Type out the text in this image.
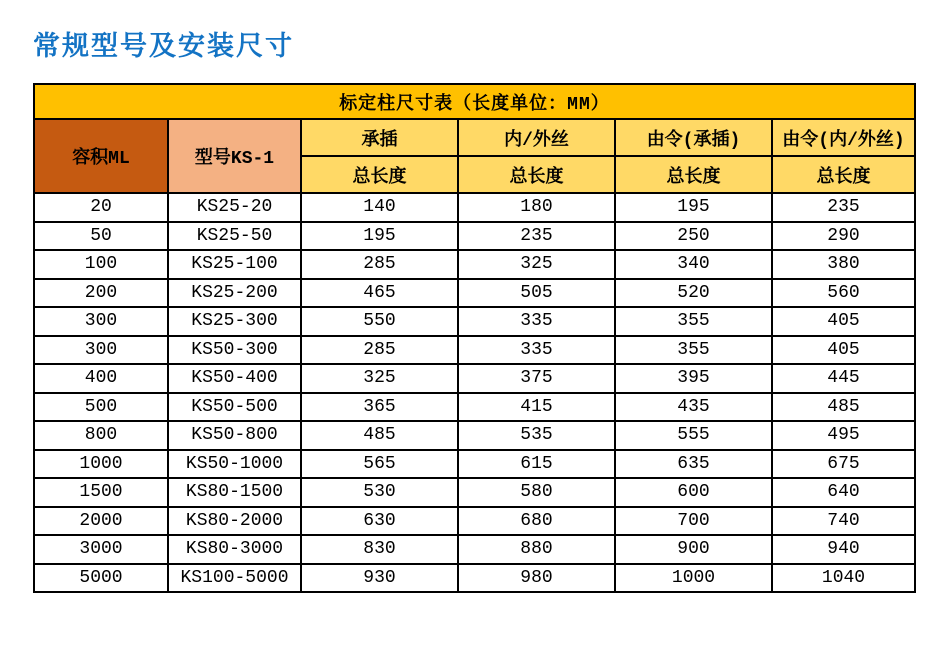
常规型号及安装尺寸
标定柱尺寸表（长度单位：MM）					
容积ML	型号KS-1	承插	内/外丝	由令(承插)	由令(内/外丝)
		总长度	总长度	总长度	总长度
20	KS25-20	140	180	195	235
50	KS25-50	195	235	250	290
100	KS25-100	285	325	340	380
200	KS25-200	465	505	520	560
300	KS25-300	550	335	355	405
300	KS50-300	285	335	355	405
400	KS50-400	325	375	395	445
500	KS50-500	365	415	435	485
800	KS50-800	485	535	555	495
1000	KS50-1000	565	615	635	675
1500	KS80-1500	530	580	600	640
2000	KS80-2000	630	680	700	740
3000	KS80-3000	830	880	900	940
5000	KS100-5000	930	980	1000	1040
